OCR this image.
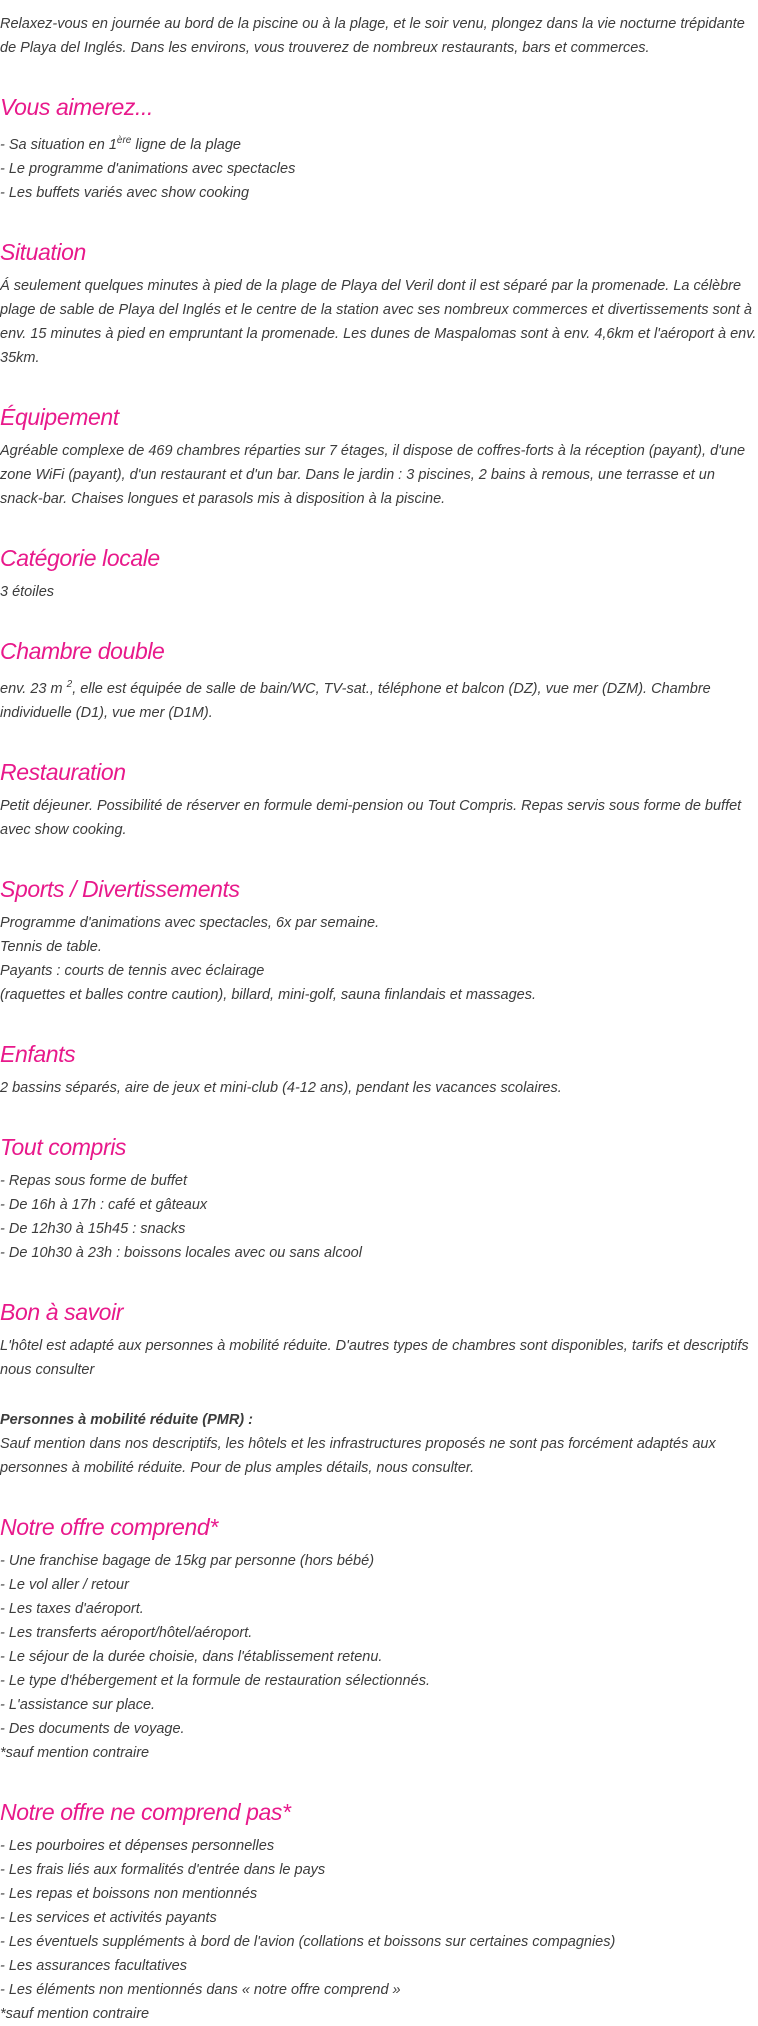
Relaxez-vous en journée au bord de la piscine ou à la plage, et le soir venu, plongez dans la vie nocturne trépidante de Playa del Inglés. Dans les environs, vous trouverez de nombreux restaurants, bars et commerces.

Vous aimerez...
- Sa situation en 1ère ligne de la plage
- Le programme d'animations avec spectacles
- Les buffets variés avec show cooking
Situation

Á seulement quelques minutes à pied de la plage de Playa del Veril dont il est séparé par la promenade. La célèbre plage de sable de Playa del Inglés et le centre de la station avec ses nombreux commerces et divertissements sont à env. 15 minutes à pied en empruntant la promenade. Les dunes de Maspalomas sont à env. 4,6km et l'aéroport à env. 35km.

Équipement

Agréable complexe de 469 chambres réparties sur 7 étages, il dispose de coffres-forts à la réception (payant), d'une zone WiFi (payant), d'un restaurant et d'un bar. Dans le jardin : 3 piscines, 2 bains à remous, une terrasse et un snack-bar. Chaises longues et parasols mis à disposition à la piscine.

Catégorie locale

3 étoiles

Chambre double

env. 23 m $^2$, elle est équipée de salle de bain/WC, TV-sat., téléphone et balcon (DZ), vue mer (DZM). Chambre individuelle (D1), vue mer (D1M).

Restauration

Petit déjeuner. Possibilité de réserver en formule demi-pension ou Tout Compris. Repas servis sous forme de buffet avec show cooking.

Sports / Divertissements
Programme d'animations avec spectacles, 6x par semaine.
Tennis de table.
Payants : courts de tennis avec éclairage
(raquettes et balles contre caution), billard, mini-golf, sauna finlandais et massages.
Enfants

2 bassins séparés, aire de jeux et mini-club (4-12 ans), pendant les vacances scolaires.

Tout compris
- Repas sous forme de buffet
- De 16h à 17h : café et gâteaux
- De 12h30 à 15h45 : snacks
- De 10h30 à 23h : boissons locales avec ou sans alcool
Bon à savoir

L'hôtel est adapté aux personnes à mobilité réduite. D'autres types de chambres sont disponibles, tarifs et descriptifs nous consulter

Personnes à mobilité réduite (PMR) :

Sauf mention dans nos descriptifs, les hôtels et les infrastructures proposés ne sont pas forcément adaptés aux personnes à mobilité réduite. Pour de plus amples détails, nous consulter.

Notre offre comprend*
- Une franchise bagage de 15kg par personne (hors bébé)
- Le vol aller / retour
- Les taxes d'aéroport.
- Les transferts aéroport/hôtel/aéroport.
- Le séjour de la durée choisie, dans l'établissement retenu.
- Le type d'hébergement et la formule de restauration sélectionnés.
- L'assistance sur place.
- Des documents de voyage.
*sauf mention contraire
Notre offre ne comprend pas*
- Les pourboires et dépenses personnelles
- Les frais liés aux formalités d'entrée dans le pays
- Les repas et boissons non mentionnés
- Les services et activités payants
- Les éventuels suppléments à bord de l'avion (collations et boissons sur certaines compagnies)
- Les assurances facultatives
- Les éléments non mentionnés dans « notre offre comprend »
*sauf mention contraire
